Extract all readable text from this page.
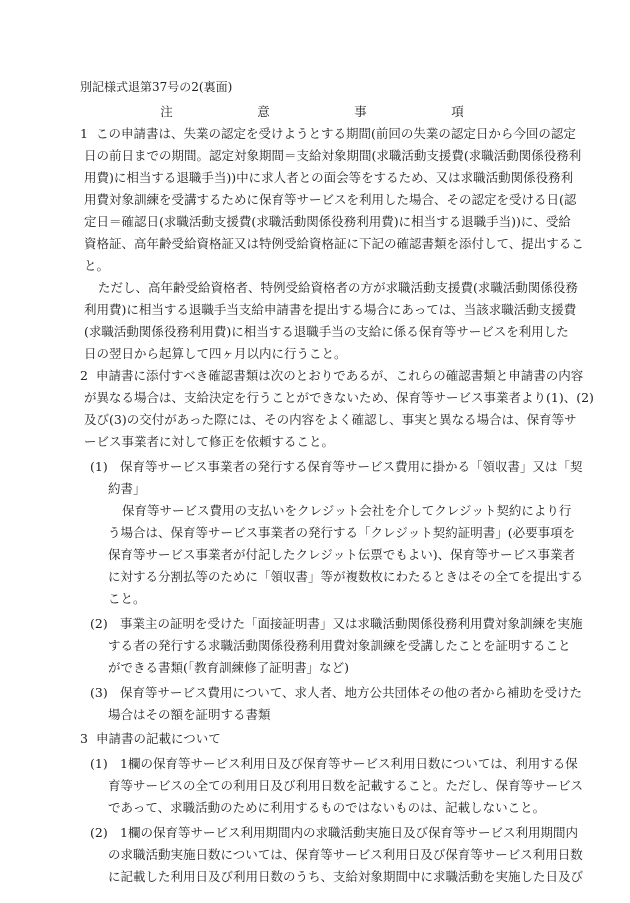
別記様式退第37号の2(裏面)
注　意　事　項
1 この申請書は、失業の認定を受けようとする期間(前回の失業の認定日から今回の認定
日の前日までの期間。認定対象期間＝支給対象期間(求職活動支援費(求職活動関係役務利
用費)に相当する退職手当))中に求人者との面会等をするため、又は求職活動関係役務利
用費対象訓練を受講するために保育等サービスを利用した場合、その認定を受ける日(認
定日＝確認日(求職活動支援費(求職活動関係役務利用費)に相当する退職手当))に、受給
資格証、高年齢受給資格証又は特例受給資格証に下記の確認書類を添付して、提出するこ
と。
ただし、高年齢受給資格者、特例受給資格者の方が求職活動支援費(求職活動関係役務
利用費)に相当する退職手当支給申請書を提出する場合にあっては、当該求職活動支援費
(求職活動関係役務利用費)に相当する退職手当の支給に係る保育等サービスを利用した
日の翌日から起算して四ヶ月以内に行うこと。
2 申請書に添付すべき確認書類は次のとおりであるが、これらの確認書類と申請書の内容
が異なる場合は、支給決定を行うことができないため、保育等サービス事業者より(1)、(2)
及び(3)の交付があった際には、その内容をよく確認し、事実と異なる場合は、保育等サ
ービス事業者に対して修正を依頼すること。
(1) 保育等サービス事業者の発行する保育等サービス費用に掛かる「領収書」又は「契
約書」
保育等サービス費用の支払いをクレジット会社を介してクレジット契約により行
う場合は、保育等サービス事業者の発行する「クレジット契約証明書」(必要事項を
保育等サービス事業者が付記したクレジット伝票でもよい)、保育等サービス事業者
に対する分割払等のために「領収書」等が複数枚にわたるときはその全てを提出する
こと。
(2) 事業主の証明を受けた「面接証明書」又は求職活動関係役務利用費対象訓練を実施
する者の発行する求職活動関係役務利用費対象訓練を受講したことを証明すること
ができる書類(「教育訓練修了証明書」など)
(3) 保育等サービス費用について、求人者、地方公共団体その他の者から補助を受けた
場合はその額を証明する書類
3 申請書の記載について
(1) 1欄の保育等サービス利用日及び保育等サービス利用日数については、利用する保
育等サービスの全ての利用日及び利用日数を記載すること。ただし、保育等サービス
であって、求職活動のために利用するものではないものは、記載しないこと。
(2) 1欄の保育等サービス利用期間内の求職活動実施日及び保育等サービス利用期間内
の求職活動実施日数については、保育等サービス利用日及び保育等サービス利用日数
に記載した利用日及び利用日数のうち、支給対象期間中に求職活動を実施した日及び
